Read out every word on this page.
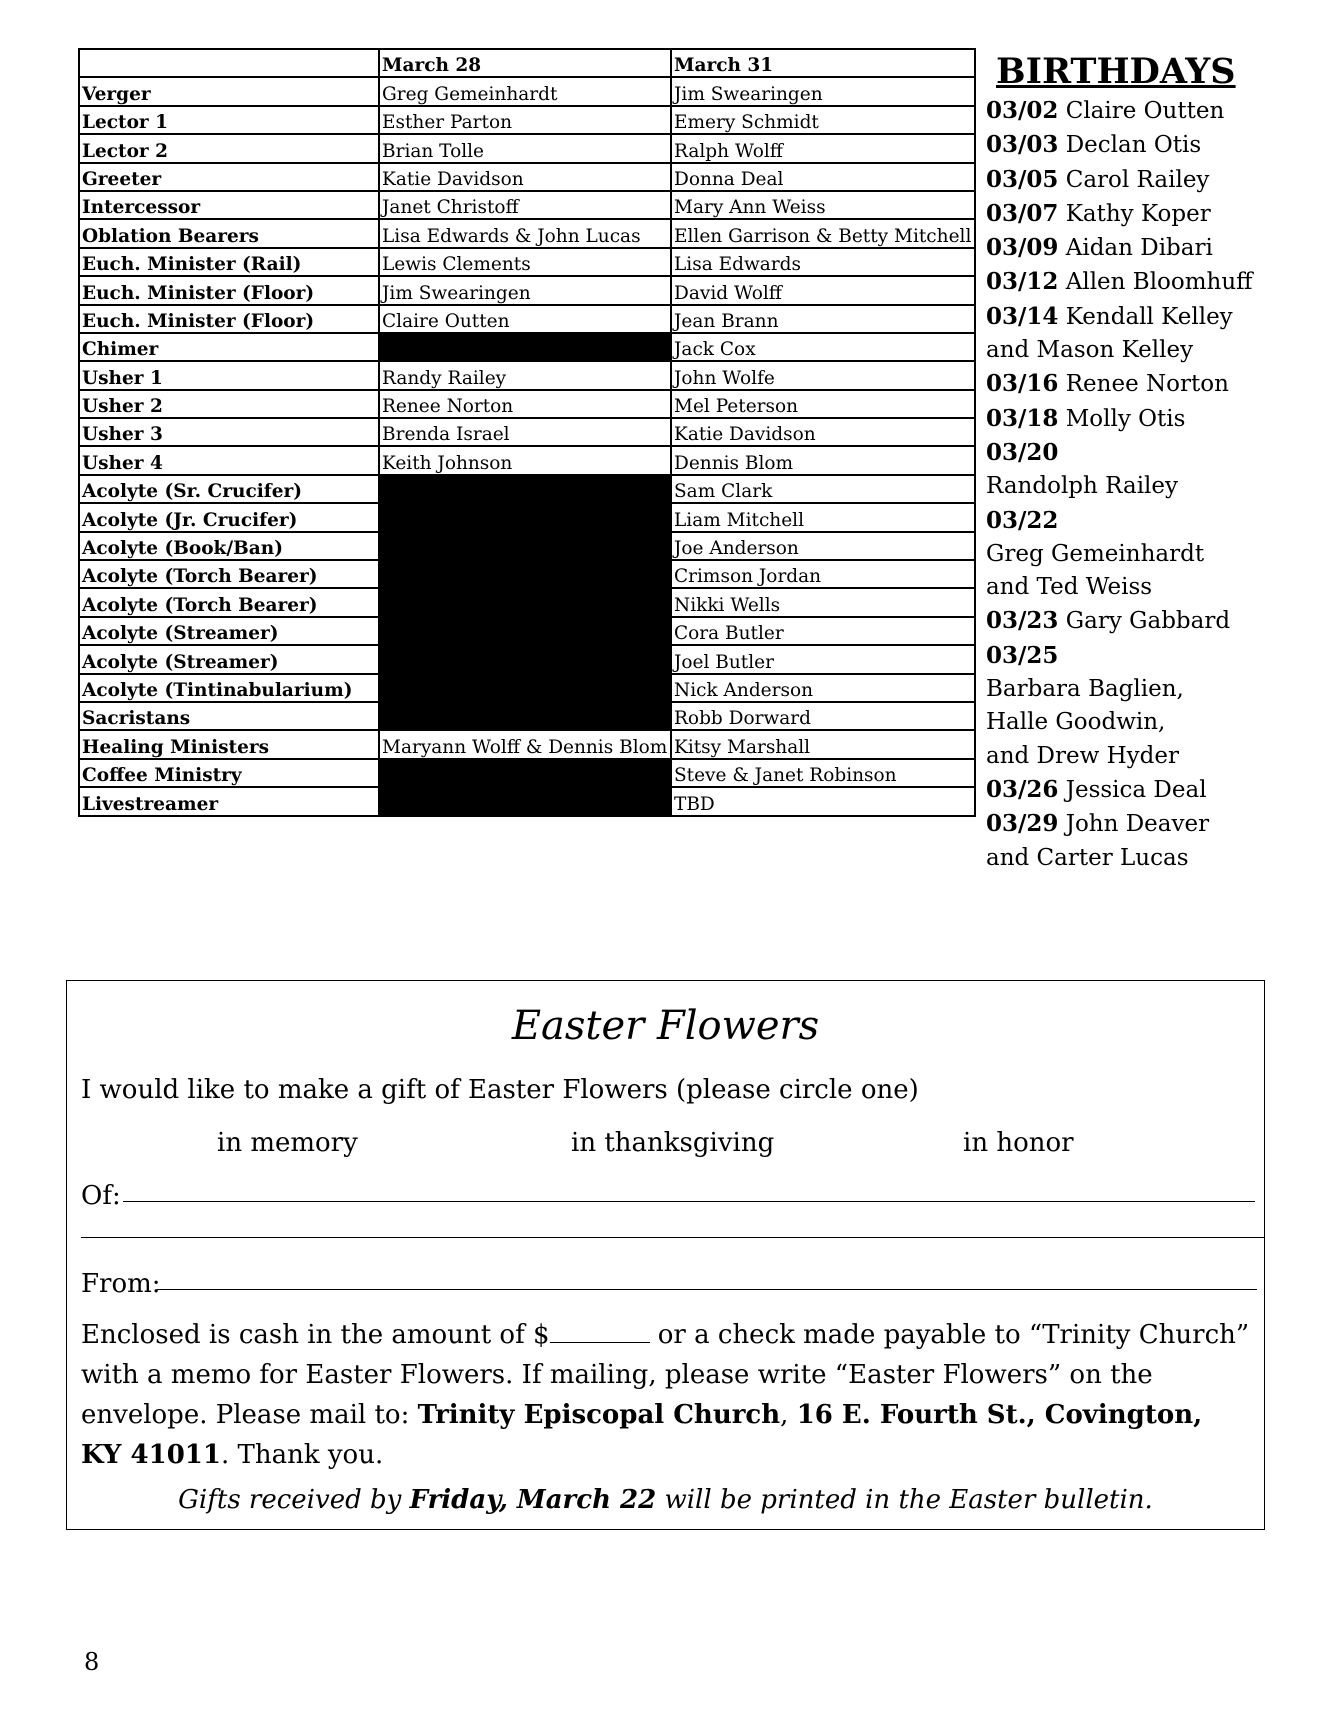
	March 28	March 31
Verger	Greg Gemeinhardt	Jim Swearingen
Lector 1	Esther Parton	Emery Schmidt
Lector 2	Brian Tolle	Ralph Wolff
Greeter	Katie Davidson	Donna Deal
Intercessor	Janet Christoff	Mary Ann Weiss
Oblation Bearers	Lisa Edwards & John Lucas	Ellen Garrison & Betty Mitchell
Euch. Minister (Rail)	Lewis Clements	Lisa Edwards
Euch. Minister (Floor)	Jim Swearingen	David Wolff
Euch. Minister (Floor)	Claire Outten	Jean Brann
Chimer		Jack Cox
Usher 1	Randy Railey	John Wolfe
Usher 2	Renee Norton	Mel Peterson
Usher 3	Brenda Israel	Katie Davidson
Usher 4	Keith Johnson	Dennis Blom
Acolyte (Sr. Crucifer)		Sam Clark
Acolyte (Jr. Crucifer)		Liam Mitchell
Acolyte (Book/Ban)		Joe Anderson
Acolyte (Torch Bearer)		Crimson Jordan
Acolyte (Torch Bearer)		Nikki Wells
Acolyte (Streamer)		Cora Butler
Acolyte (Streamer)		Joel Butler
Acolyte (Tintinabularium)		Nick Anderson
Sacristans		Robb Dorward
Healing Ministers	Maryann Wolff & Dennis Blom	Kitsy Marshall
Coffee Ministry		Steve & Janet Robinson
Livestreamer		TBD
BIRTHDAYS
03/02 Claire Outten
03/03 Declan Otis
03/05 Carol Railey
03/07 Kathy Koper
03/09 Aidan Dibari
03/12 Allen Bloomhuff
03/14 Kendall Kelley
and Mason Kelley
03/16 Renee Norton
03/18 Molly Otis
03/20
Randolph Railey
03/22
Greg Gemeinhardt
and Ted Weiss
03/23 Gary Gabbard
03/25
Barbara Baglien,
Halle Goodwin,
and Drew Hyder
03/26 Jessica Deal
03/29 John Deaver
and Carter Lucas
Easter Flowers
I would like to make a gift of Easter Flowers (please circle one)
in memory	in thanksgiving	in honor
Of:
From:
Enclosed is cash in the amount of $	or a check made payable to “Trinity Church” with a memo for Easter Flowers. If mailing, please write “Easter Flowers” on the envelope. Please mail to: Trinity Episcopal Church, 16 E. Fourth St., Covington, KY 41011. Thank you.
Gifts received by Friday, March 22 will be printed in the Easter bulletin.
8
